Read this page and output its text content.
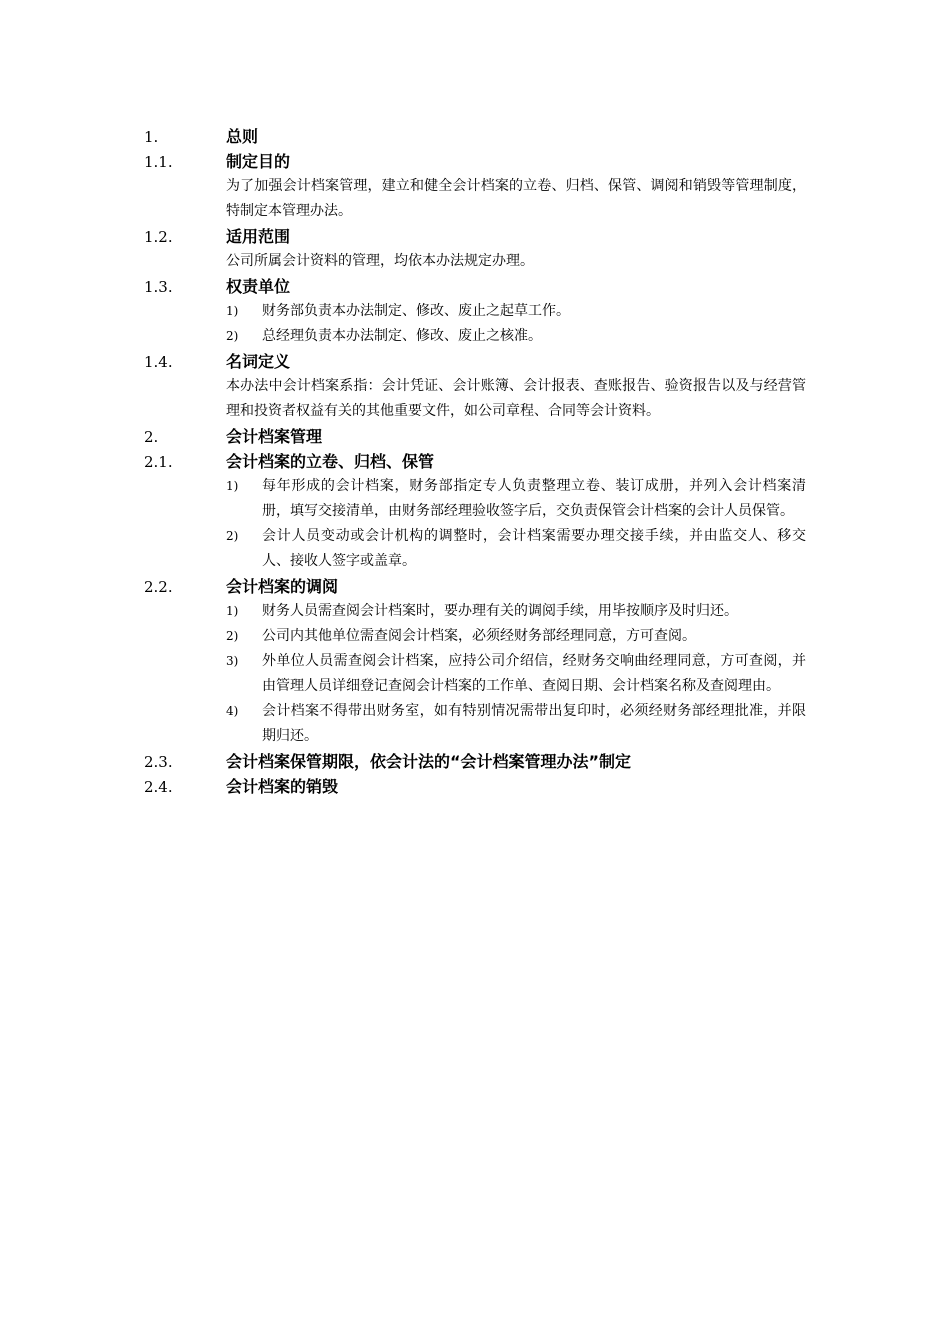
1.	总则
1.1.	制定目的
为了加强会计档案管理，建立和健全会计档案的立卷、归档、保管、调阅和销毁等管理制度，特制定本管理办法。
1.2.	适用范围
公司所属会计资料的管理，均依本办法规定办理。
1.3.	权责单位
1)	财务部负责本办法制定、修改、废止之起草工作。
2)	总经理负责本办法制定、修改、废止之核准。
1.4.	名词定义
本办法中会计档案系指：会计凭证、会计账簿、会计报表、查账报告、验资报告以及与经营管理和投资者权益有关的其他重要文件，如公司章程、合同等会计资料。
2.	会计档案管理
2.1.	会计档案的立卷、归档、保管
1)	每年形成的会计档案，财务部指定专人负责整理立卷、装订成册，并列入会计档案清册，填写交接清单，由财务部经理验收签字后，交负责保管会计档案的会计人员保管。
2)	会计人员变动或会计机构的调整时，会计档案需要办理交接手续，并由监交人、移交人、接收人签字或盖章。
2.2.	会计档案的调阅
1)	财务人员需查阅会计档案时，要办理有关的调阅手续，用毕按顺序及时归还。
2)	公司内其他单位需查阅会计档案，必须经财务部经理同意，方可查阅。
3)	外单位人员需查阅会计档案，应持公司介绍信，经财务交响曲经理同意，方可查阅，并由管理人员详细登记查阅会计档案的工作单、查阅日期、会计档案名称及查阅理由。
4)	会计档案不得带出财务室，如有特别情况需带出复印时，必须经财务部经理批准，并限期归还。
2.3.	会计档案保管期限，依会计法的“会计档案管理办法”制定
2.4.	会计档案的销毁
